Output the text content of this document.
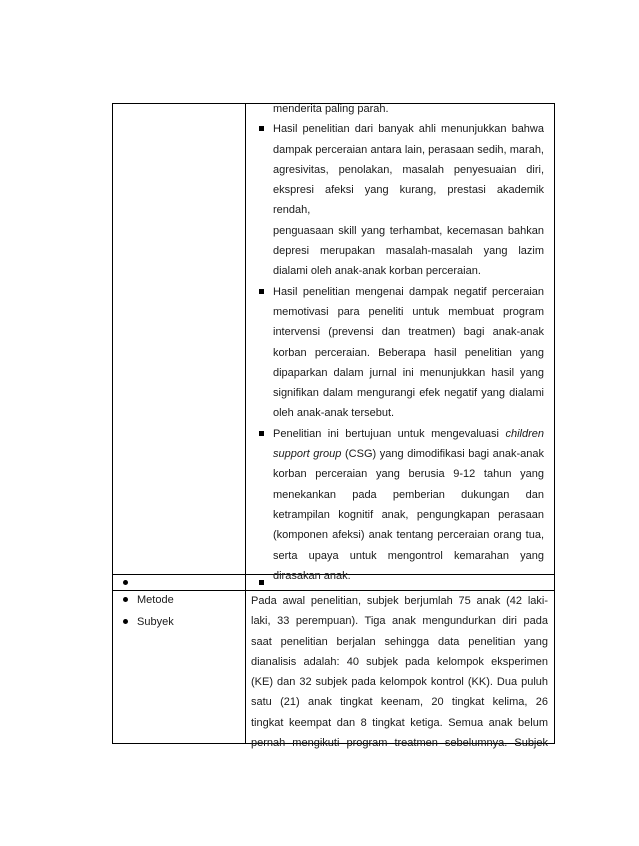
menderita paling parah.
Hasil penelitian dari banyak ahli menunjukkan bahwa
dampak perceraian antara lain, perasaan sedih, marah,
agresivitas, penolakan, masalah penyesuaian diri,
ekspresi afeksi yang kurang, prestasi akademik rendah,
penguasaan skill yang terhambat, kecemasan bahkan
depresi merupakan masalah-masalah yang lazim
dialami oleh anak-anak korban perceraian.
Hasil penelitian mengenai dampak negatif perceraian
memotivasi para peneliti untuk membuat program
intervensi (prevensi dan treatmen) bagi anak-anak
korban perceraian. Beberapa hasil penelitian yang
dipaparkan dalam jurnal ini menunjukkan hasil yang
signifikan dalam mengurangi efek negatif yang dialami
oleh anak-anak tersebut.
Penelitian ini bertujuan untuk mengevaluasi children
support group (CSG) yang dimodifikasi bagi anak-anak
korban perceraian yang berusia 9-12 tahun yang
menekankan pada pemberian dukungan dan
ketrampilan kognitif anak, pengungkapan perasaan
(komponen afeksi) anak tentang perceraian orang tua,
serta upaya untuk mengontrol kemarahan yang
dirasakan anak.
Metode
Subyek
Pada awal penelitian, subjek berjumlah 75 anak (42 laki-
laki, 33 perempuan). Tiga anak mengundurkan diri pada
saat penelitian berjalan sehingga data penelitian yang
dianalisis adalah: 40 subjek pada kelompok eksperimen
(KE) dan 32 subjek pada kelompok kontrol (KK). Dua puluh
satu (21) anak tingkat keenam, 20 tingkat kelima, 26
tingkat keempat dan 8 tingkat ketiga. Semua anak belum
pernah mengikuti program treatmen sebelumnya. Subjek
